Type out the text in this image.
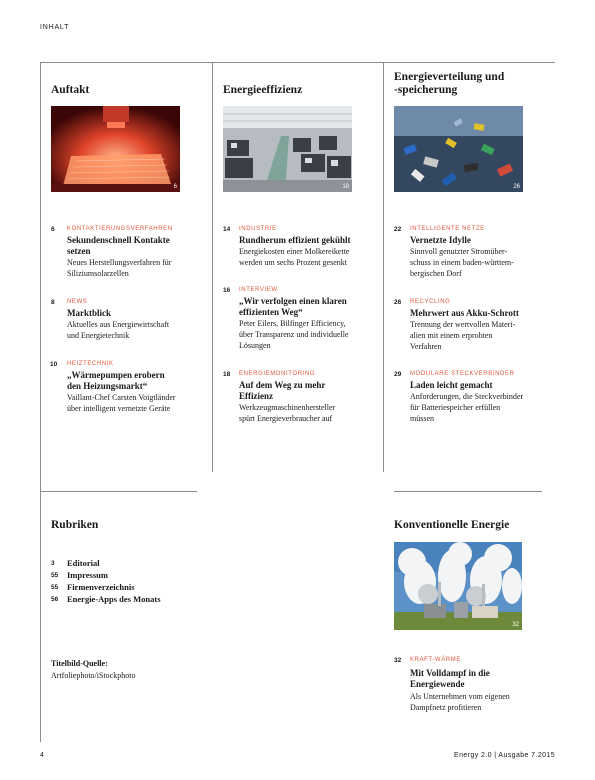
INHALT
Auftakt
6
6 KONTAKTIERUNGSVERFAHREN
Sekundenschnell Kontakte
setzen
Neues Herstellungsverfahren für
Siliziumsolarzellen
8 NEWS
Marktblick
Aktuelles aus Energiewirtschaft
und Energietechnik
10 HEIZTECHNIK
„Wärmepumpen erobern
den Heizungsmarkt“
Vaillant-Chef Carsten Voigtländer
über intelligent vernetzte Geräte
Energieeffizienz
18
14 INDUSTRIE
Rundherum effizient gekühlt
Energiekosten einer Molkereikette
werden um sechs Prozent gesenkt
16 INTERVIEW
„Wir verfolgen einen klaren
effizienten Weg“
Peter Eilers, Bilfinger Efficiency,
über Transparenz und individuelle
Lösungen
18 ENERGIEMONITORING
Auf dem Weg zu mehr
Effizienz
Werkzeugmaschinenhersteller
spürt Energieverbraucher auf
Energieverteilung und
-speicherung
26
22 INTELLIGENTE NETZE
Vernetzte Idylle
Sinnvoll genutzter Stromüber-
schuss in einem baden-württem-
bergischen Dorf
26 RECYCLING
Mehrwert aus Akku-Schrott
Trennung der wertvollen Materi-
alien mit einem erprobten
Verfahren
29 MODULARE STECKVERBINDER
Laden leicht gemacht
Anforderungen, die Steckverbinder
für Batteriespeicher erfüllen
müssen
Rubriken
3 Editorial
55 Impressum
55 Firmenverzeichnis
56 Energie-Apps des Monats
Titelbild-Quelle:
Artfoliephoto/iStockphoto
Konventionelle Energie
32
32 KRAFT-WÄRME
Mit Volldampf in die
Energiewende
Als Unternehmen vom eigenen
Dampfnetz profitieren
4	Energy 2.0 | Ausgabe 7.2015
